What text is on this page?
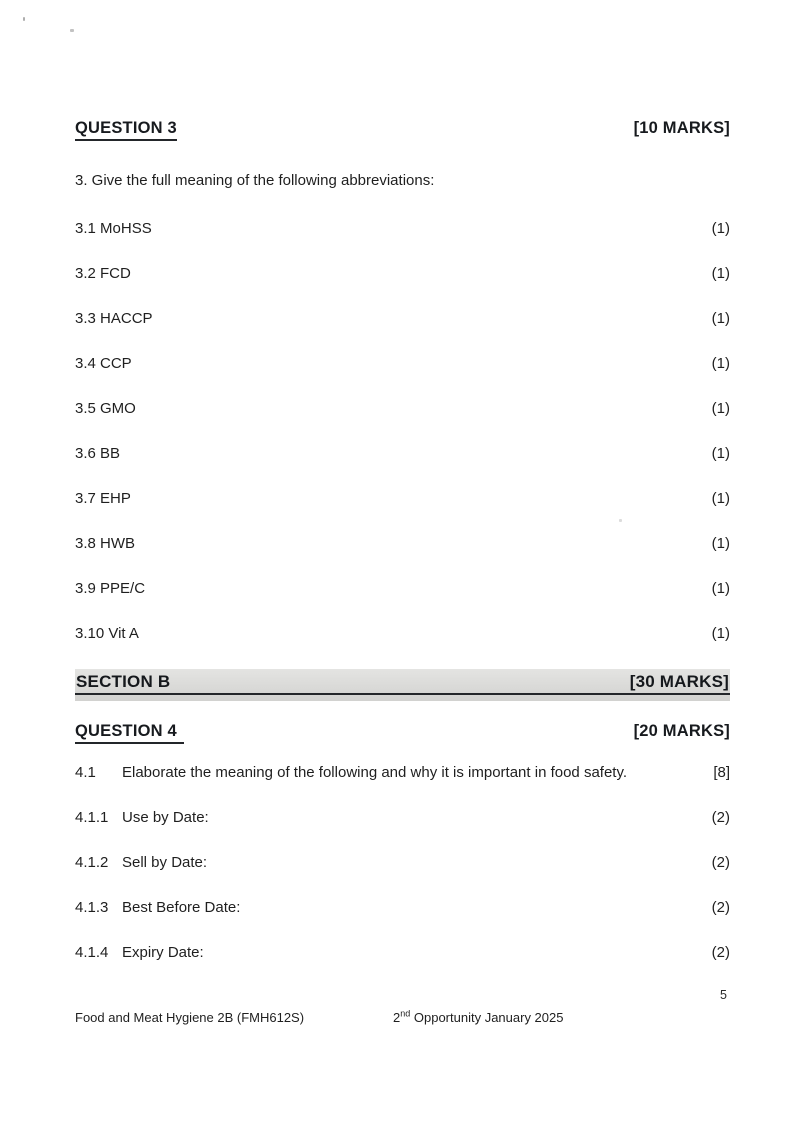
QUESTION 3	[10 MARKS]
3. Give the full meaning of the following abbreviations:
3.1 MoHSS	(1)
3.2 FCD	(1)
3.3 HACCP	(1)
3.4 CCP	(1)
3.5 GMO	(1)
3.6 BB	(1)
3.7 EHP	(1)
3.8 HWB	(1)
3.9 PPE/C	(1)
3.10 Vit A	(1)
SECTION B	[30 MARKS]
QUESTION 4	[20 MARKS]
4.1	Elaborate the meaning of the following and why it is important in food safety.	[8]
4.1.1 Use by Date:	(2)
4.1.2 Sell by Date:	(2)
4.1.3 Best Before Date:	(2)
4.1.4 Expiry Date:	(2)
5
Food and Meat Hygiene 2B (FMH612S)	2nd Opportunity January 2025
